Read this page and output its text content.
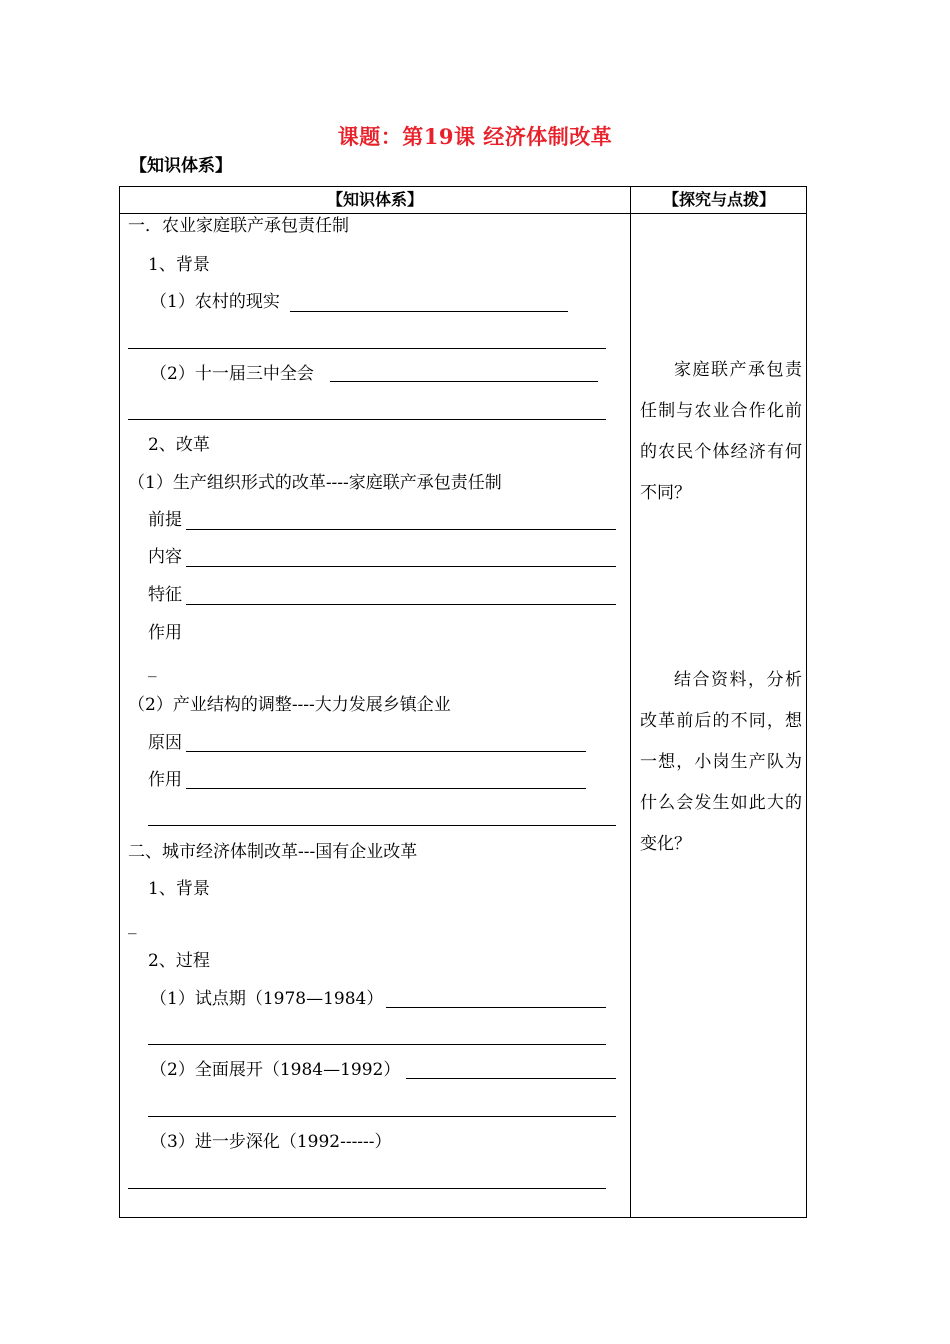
课题：第19课 经济体制改革
【知识体系】
【知识体系】	【探究与点拨】
一．农业家庭联产承包责任制
1、背景
（1）农村的现实
（2）十一届三中全会
2、改革
（1）生产组织形式的改革----家庭联产承包责任制
前提
内容
特征
作用
_
（2）产业结构的调整----大力发展乡镇企业
原因
作用
二、城市经济体制改革---国有企业改革
1、背景
_
2、过程
（1）试点期（1978—1984）
（2）全面展开（1984—1992）
（3）进一步深化（1992------）

家庭联产承包责任制与农业合作化前的农民个体经济有何不同？

结合资料，分析改革前后的不同，想一想，小岗生产队为什么会发生如此大的变化？
